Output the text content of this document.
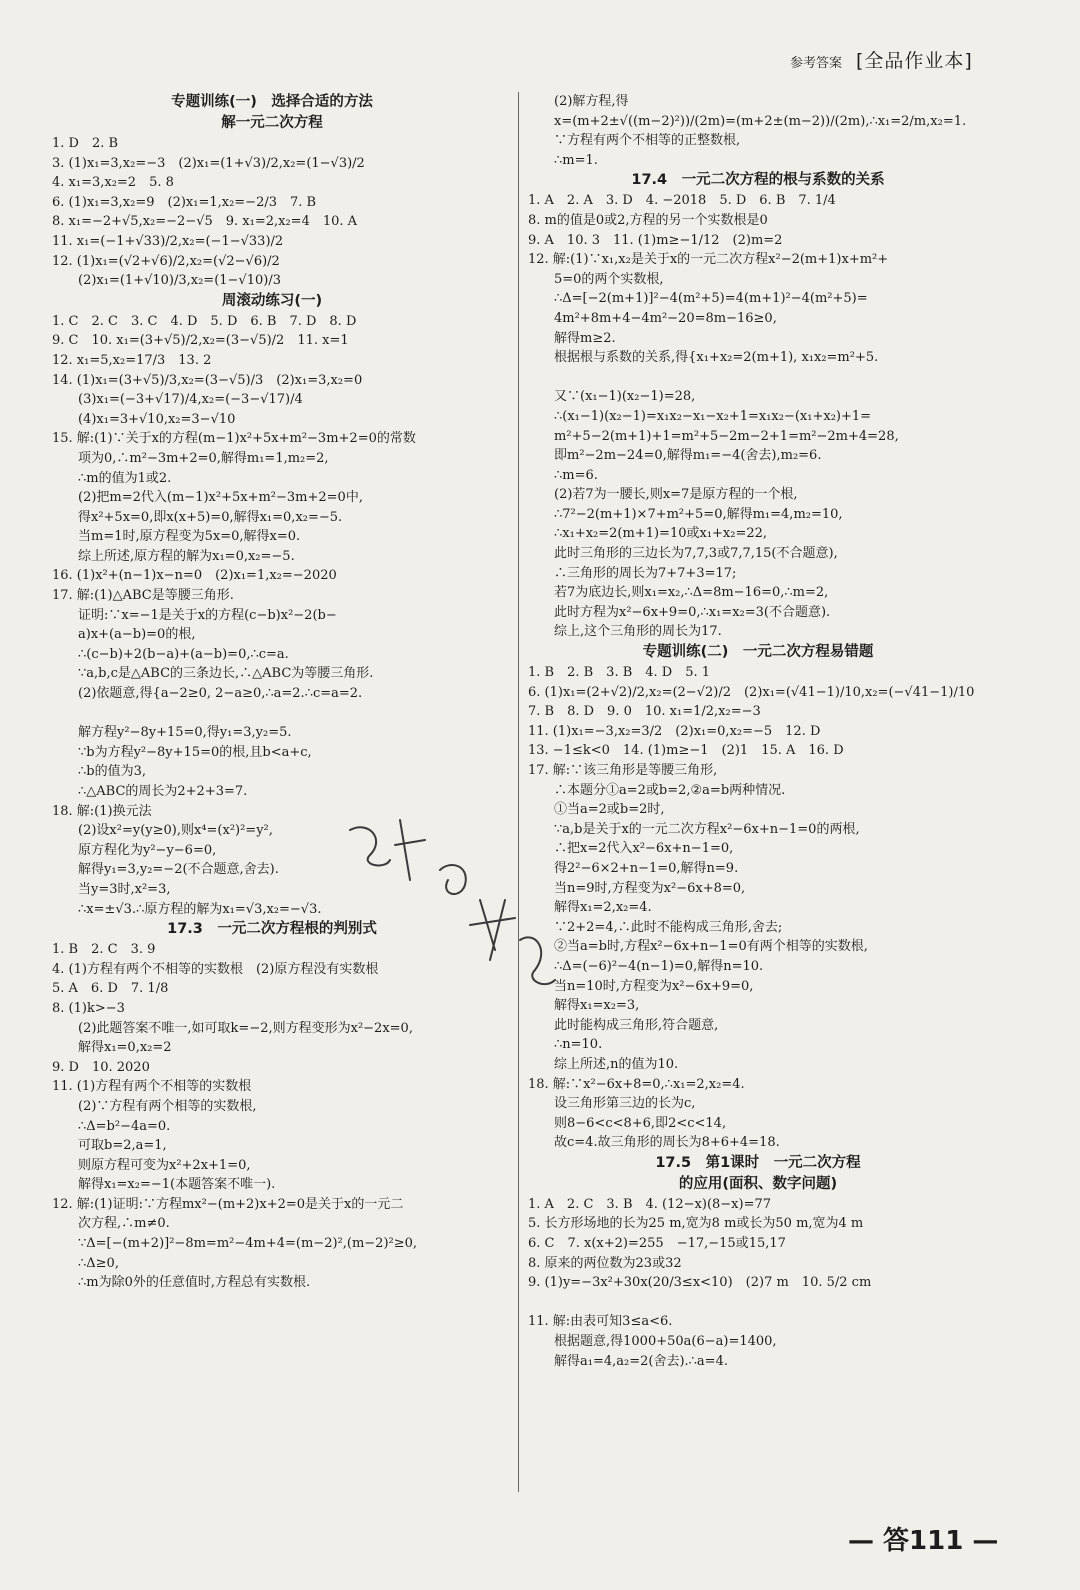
参考答案 [全品作业本]
专题训练(一)　选择合适的方法
解一元二次方程
1. D　2. B
3. (1)x₁=3,x₂=−3　(2)x₁=(1+√3)/2,x₂=(1−√3)/2
4. x₁=3,x₂=2　5. 8
6. (1)x₁=3,x₂=9　(2)x₁=1,x₂=−2/3　7. B
8. x₁=−2+√5,x₂=−2−√5　9. x₁=2,x₂=4　10. A
11. x₁=(−1+√33)/2,x₂=(−1−√33)/2
12. (1)x₁=(√2+√6)/2,x₂=(√2−√6)/2
(2)x₁=(1+√10)/3,x₂=(1−√10)/3
周滚动练习(一)
1. C　2. C　3. C　4. D　5. D　6. B　7. D　8. D
9. C　10. x₁=(3+√5)/2,x₂=(3−√5)/2　11. x=1
12. x₁=5,x₂=17/3　13. 2
14. (1)x₁=(3+√5)/3,x₂=(3−√5)/3　(2)x₁=3,x₂=0
(3)x₁=(−3+√17)/4,x₂=(−3−√17)/4
(4)x₁=3+√10,x₂=3−√10
15. 解:(1)∵关于x的方程(m−1)x²+5x+m²−3m+2=0的常数
项为0,∴m²−3m+2=0,解得m₁=1,m₂=2,
∴m的值为1或2.
(2)把m=2代入(m−1)x²+5x+m²−3m+2=0中,
得x²+5x=0,即x(x+5)=0,解得x₁=0,x₂=−5.
当m=1时,原方程变为5x=0,解得x=0.
综上所述,原方程的解为x₁=0,x₂=−5.
16. (1)x²+(n−1)x−n=0　(2)x₁=1,x₂=−2020
17. 解:(1)△ABC是等腰三角形.
证明:∵x=−1是关于x的方程(c−b)x²−2(b−
a)x+(a−b)=0的根,
∴(c−b)+2(b−a)+(a−b)=0,∴c=a.
∵a,b,c是△ABC的三条边长,∴△ABC为等腰三角形.
(2)依题意,得{a−2≥0, 2−a≥0,∴a=2.∴c=a=2.

解方程y²−8y+15=0,得y₁=3,y₂=5.
∵b为方程y²−8y+15=0的根,且b<a+c,
∴b的值为3,
∴△ABC的周长为2+2+3=7.
18. 解:(1)换元法
(2)设x²=y(y≥0),则x⁴=(x²)²=y²,
原方程化为y²−y−6=0,
解得y₁=3,y₂=−2(不合题意,舍去).
当y=3时,x²=3,
∴x=±√3.∴原方程的解为x₁=√3,x₂=−√3.
17.3　一元二次方程根的判别式
1. B　2. C　3. 9
4. (1)方程有两个不相等的实数根　(2)原方程没有实数根
5. A　6. D　7. 1/8
8. (1)k>−3
(2)此题答案不唯一,如可取k=−2,则方程变形为x²−2x=0,
解得x₁=0,x₂=2
9. D　10. 2020
11. (1)方程有两个不相等的实数根
(2)∵方程有两个相等的实数根,
∴Δ=b²−4a=0.
可取b=2,a=1,
则原方程可变为x²+2x+1=0,
解得x₁=x₂=−1(本题答案不唯一).
12. 解:(1)证明:∵方程mx²−(m+2)x+2=0是关于x的一元二
次方程,∴m≠0.
∵Δ=[−(m+2)]²−8m=m²−4m+4=(m−2)²,(m−2)²≥0,
∴Δ≥0,
∴m为除0外的任意值时,方程总有实数根.
(2)解方程,得
x=(m+2±√((m−2)²))/(2m)=(m+2±(m−2))/(2m),∴x₁=2/m,x₂=1.
∵方程有两个不相等的正整数根,
∴m=1.
17.4　一元二次方程的根与系数的关系
1. A　2. A　3. D　4. −2018　5. D　6. B　7. 1/4
8. m的值是0或2,方程的另一个实数根是0
9. A　10. 3　11. (1)m≥−1/12　(2)m=2
12. 解:(1)∵x₁,x₂是关于x的一元二次方程x²−2(m+1)x+m²+
5=0的两个实数根,
∴Δ=[−2(m+1)]²−4(m²+5)=4(m+1)²−4(m²+5)=
4m²+8m+4−4m²−20=8m−16≥0,
解得m≥2.
根据根与系数的关系,得{x₁+x₂=2(m+1), x₁x₂=m²+5.

又∵(x₁−1)(x₂−1)=28,
∴(x₁−1)(x₂−1)=x₁x₂−x₁−x₂+1=x₁x₂−(x₁+x₂)+1=
m²+5−2(m+1)+1=m²+5−2m−2+1=m²−2m+4=28,
即m²−2m−24=0,解得m₁=−4(舍去),m₂=6.
∴m=6.
(2)若7为一腰长,则x=7是原方程的一个根,
∴7²−2(m+1)×7+m²+5=0,解得m₁=4,m₂=10,
∴x₁+x₂=2(m+1)=10或x₁+x₂=22,
此时三角形的三边长为7,7,3或7,7,15(不合题意),
∴三角形的周长为7+7+3=17;
若7为底边长,则x₁=x₂,∴Δ=8m−16=0,∴m=2,
此时方程为x²−6x+9=0,∴x₁=x₂=3(不合题意).
综上,这个三角形的周长为17.
专题训练(二)　一元二次方程易错题
1. B　2. B　3. B　4. D　5. 1
6. (1)x₁=(2+√2)/2,x₂=(2−√2)/2　(2)x₁=(√41−1)/10,x₂=(−√41−1)/10
7. B　8. D　9. 0　10. x₁=1/2,x₂=−3
11. (1)x₁=−3,x₂=3/2　(2)x₁=0,x₂=−5　12. D
13. −1≤k<0　14. (1)m≥−1　(2)1　15. A　16. D
17. 解:∵该三角形是等腰三角形,
∴本题分①a=2或b=2,②a=b两种情况.
①当a=2或b=2时,
∵a,b是关于x的一元二次方程x²−6x+n−1=0的两根,
∴把x=2代入x²−6x+n−1=0,
得2²−6×2+n−1=0,解得n=9.
当n=9时,方程变为x²−6x+8=0,
解得x₁=2,x₂=4.
∵2+2=4,∴此时不能构成三角形,舍去;
②当a=b时,方程x²−6x+n−1=0有两个相等的实数根,
∴Δ=(−6)²−4(n−1)=0,解得n=10.
当n=10时,方程变为x²−6x+9=0,
解得x₁=x₂=3,
此时能构成三角形,符合题意,
∴n=10.
综上所述,n的值为10.
18. 解:∵x²−6x+8=0,∴x₁=2,x₂=4.
设三角形第三边的长为c,
则8−6<c<8+6,即2<c<14,
故c=4.故三角形的周长为8+6+4=18.
17.5　第1课时　一元二次方程
的应用(面积、数字问题)
1. A　2. C　3. B　4. (12−x)(8−x)=77
5. 长方形场地的长为25 m,宽为8 m或长为50 m,宽为4 m
6. C　7. x(x+2)=255　−17,−15或15,17
8. 原来的两位数为23或32
9. (1)y=−3x²+30x(20/3≤x<10)　(2)7 m　10. 5/2 cm

11. 解:由表可知3≤a<6.
根据题意,得1000+50a(6−a)=1400,
解得a₁=4,a₂=2(舍去).∴a=4.
— 答111 —
